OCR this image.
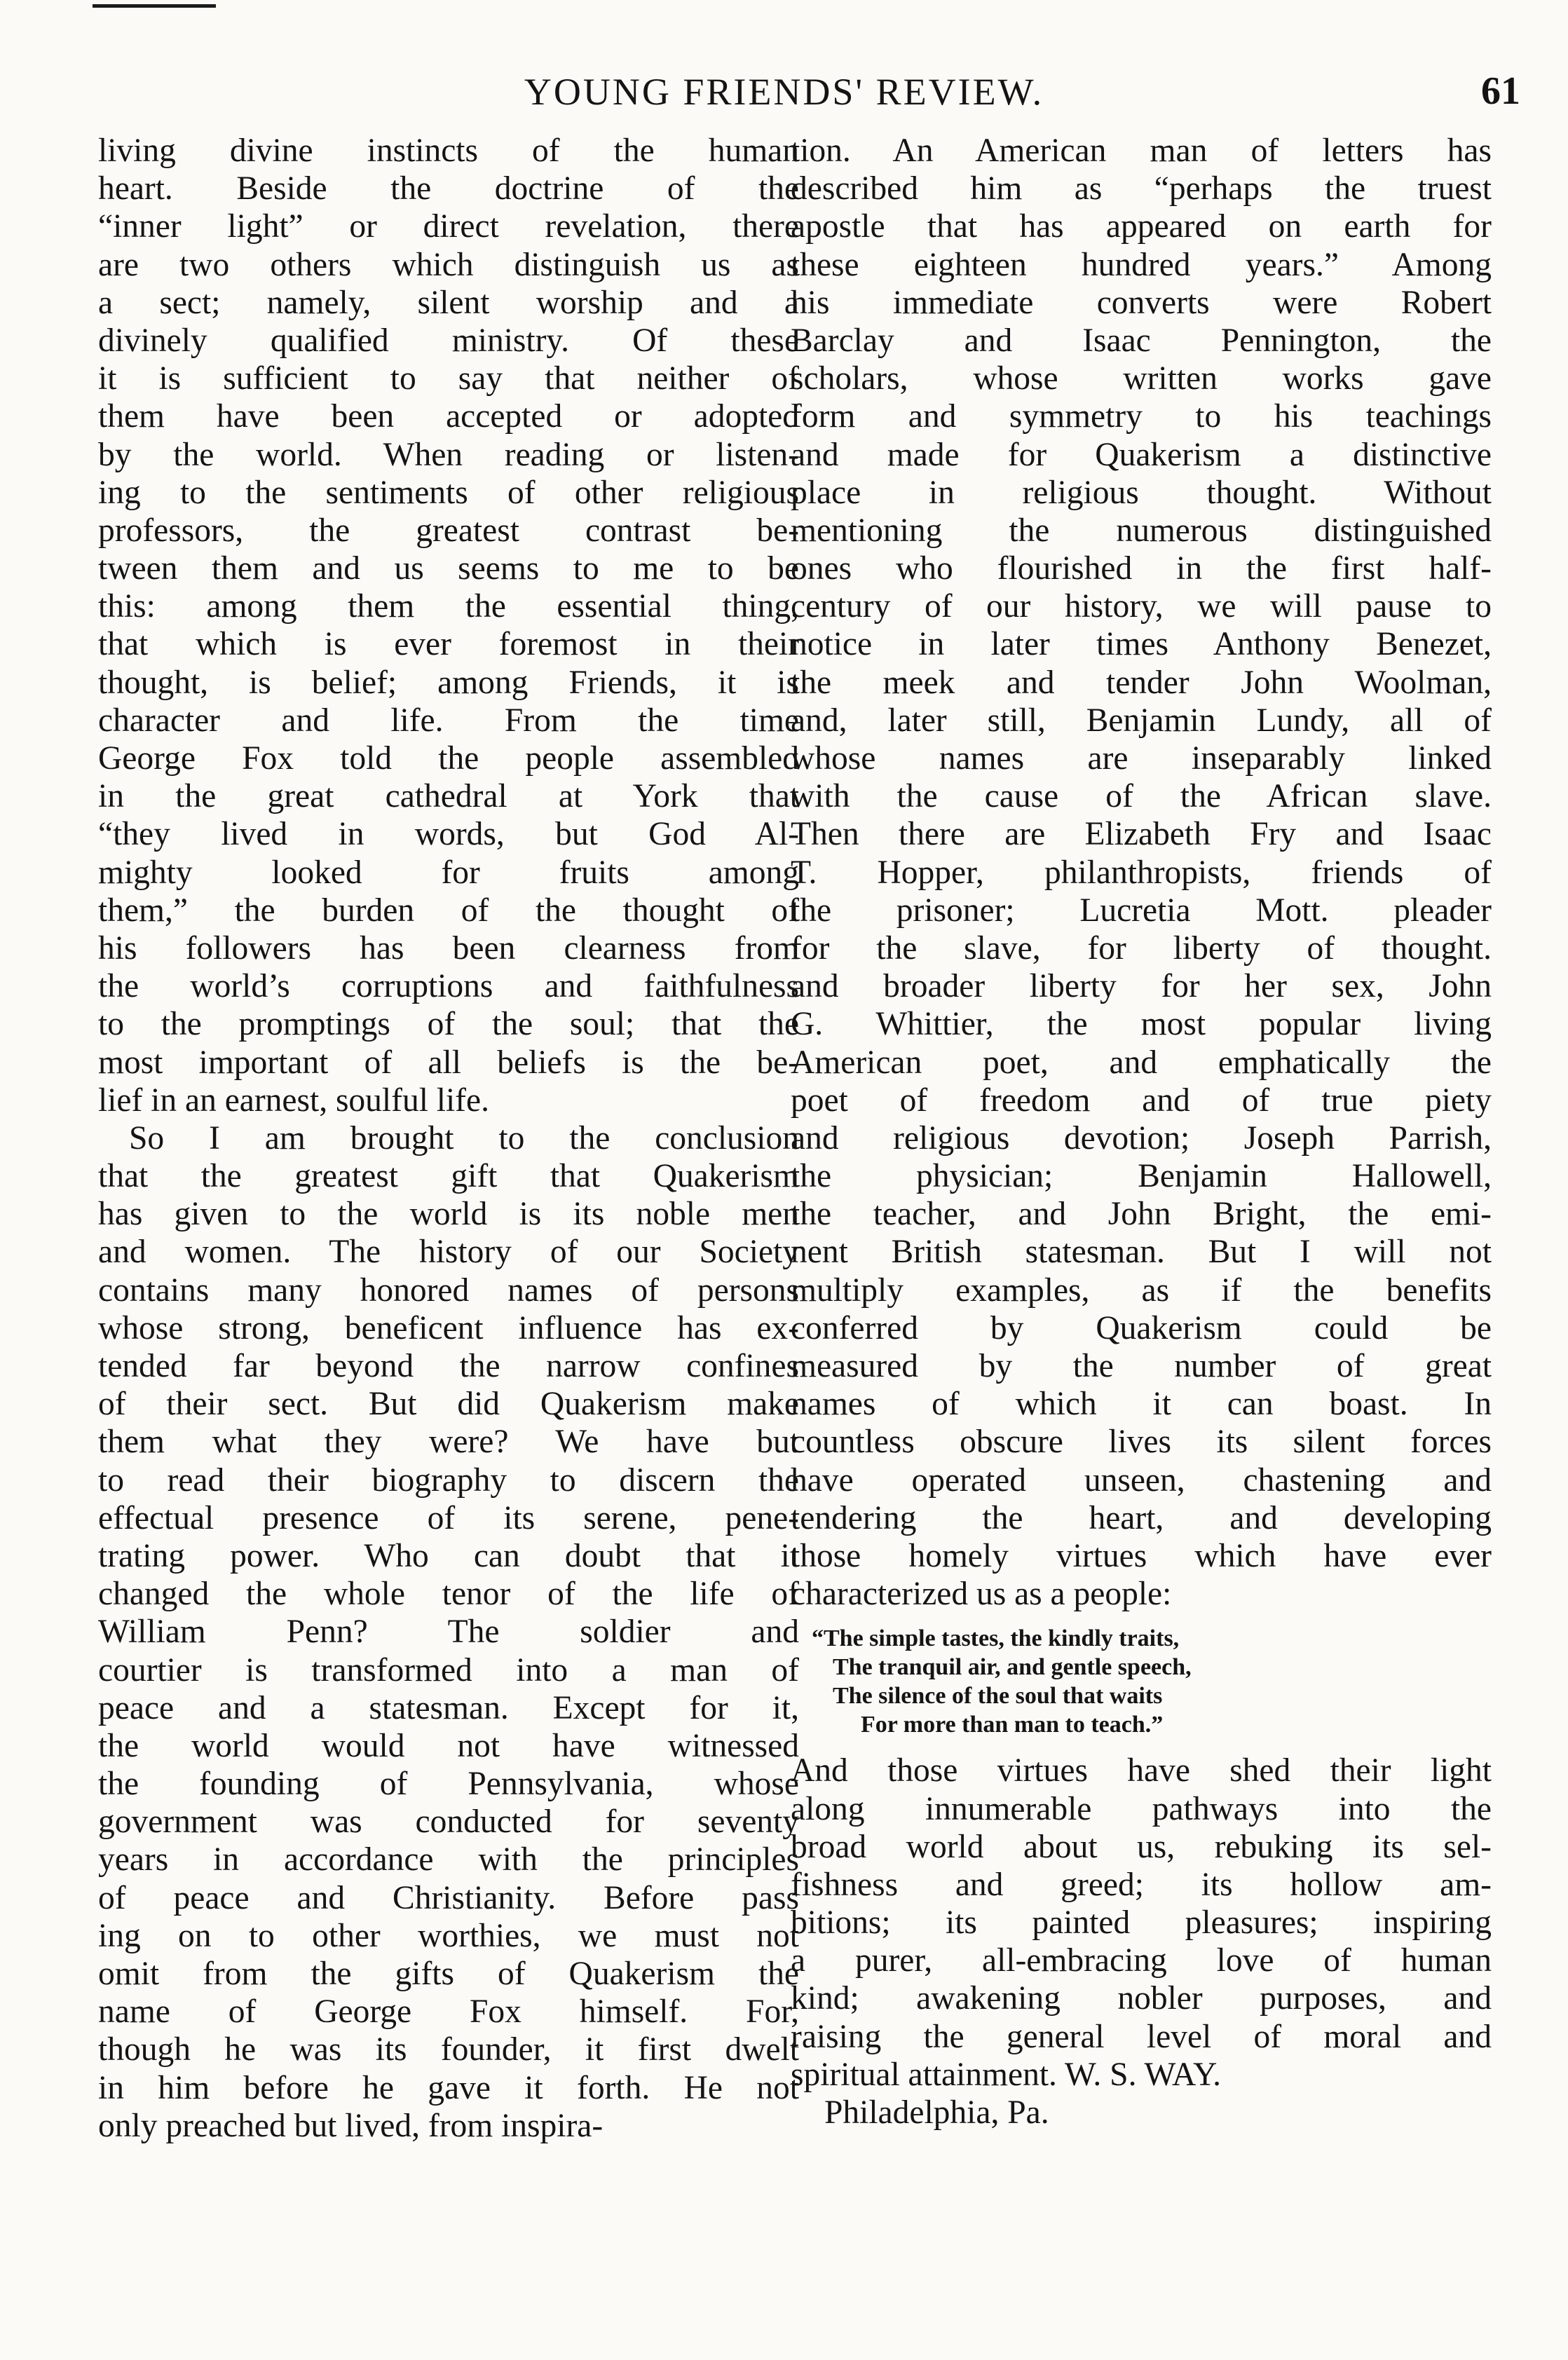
YOUNG FRIENDS' REVIEW.	61
living divine instincts of the human
heart. Beside the doctrine of the
“inner light” or direct revelation, there
are two others which distinguish us as
a sect; namely, silent worship and a
divinely qualified ministry. Of these
it is sufficient to say that neither of
them have been accepted or adopted
by the world. When reading or listen-
ing to the sentiments of other religious
professors, the greatest contrast be-
tween them and us seems to me to be
this: among them the essential thing,
that which is ever foremost in their
thought, is belief; among Friends, it is
character and life. From the time
George Fox told the people assembled
in the great cathedral at York that
“they lived in words, but God Al-
mighty looked for fruits among
them,” the burden of the thought of
his followers has been clearness from
the world’s corruptions and faithfulness
to the promptings of the soul; that the
most important of all beliefs is the be-
lief in an earnest, soulful life.
So I am brought to the conclusion
that the greatest gift that Quakerism
has given to the world is its noble men
and women. The history of our Society
contains many honored names of persons
whose strong, beneficent influence has ex-
tended far beyond the narrow confines
of their sect. But did Quakerism make
them what they were? We have but
to read their biography to discern the
effectual presence of its serene, pene-
trating power. Who can doubt that it
changed the whole tenor of the life of
William Penn? The soldier and
courtier is transformed into a man of
peace and a statesman. Except for it,
the world would not have witnessed
the founding of Pennsylvania, whose
government was conducted for seventy
years in accordance with the principles
of peace and Christianity. Before pass
ing on to other worthies, we must not
omit from the gifts of Quakerism the
name of George Fox himself. For,
though he was its founder, it first dwelt
in him before he gave it forth. He not
only preached but lived, from inspira-
tion. An American man of letters has
described him as “perhaps the truest
apostle that has appeared on earth for
these eighteen hundred years.” Among
his immediate converts were Robert
Barclay and Isaac Pennington, the
scholars, whose written works gave
form and symmetry to his teachings
and made for Quakerism a distinctive
place in religious thought. Without
mentioning the numerous distinguished
ones who flourished in the first half-
century of our history, we will pause to
notice in later times Anthony Benezet,
the meek and tender John Woolman,
and, later still, Benjamin Lundy, all of
whose names are inseparably linked
with the cause of the African slave.
Then there are Elizabeth Fry and Isaac
T. Hopper, philanthropists, friends of
the prisoner; Lucretia Mott. pleader
for the slave, for liberty of thought.
and broader liberty for her sex, John
G. Whittier, the most popular living
American poet, and emphatically the
poet of freedom and of true piety
and religious devotion; Joseph Parrish,
the physician; Benjamin Hallowell,
the teacher, and John Bright, the emi-
nent British statesman. But I will not
multiply examples, as if the benefits
conferred by Quakerism could be
measured by the number of great
names of which it can boast. In
countless obscure lives its silent forces
have operated unseen, chastening and
tendering the heart, and developing
those homely virtues which have ever
characterized us as a people:
“The simple tastes, the kindly traits,
The tranquil air, and gentle speech,
The silence of the soul that waits
For more than man to teach.”
And those virtues have shed their light
along innumerable pathways into the
broad world about us, rebuking its sel-
fishness and greed; its hollow am-
bitions; its painted pleasures; inspiring
a purer, all-embracing love of human
kind; awakening nobler purposes, and
raising the general level of moral and
spiritual attainment. W. S. WAY.
Philadelphia, Pa.
